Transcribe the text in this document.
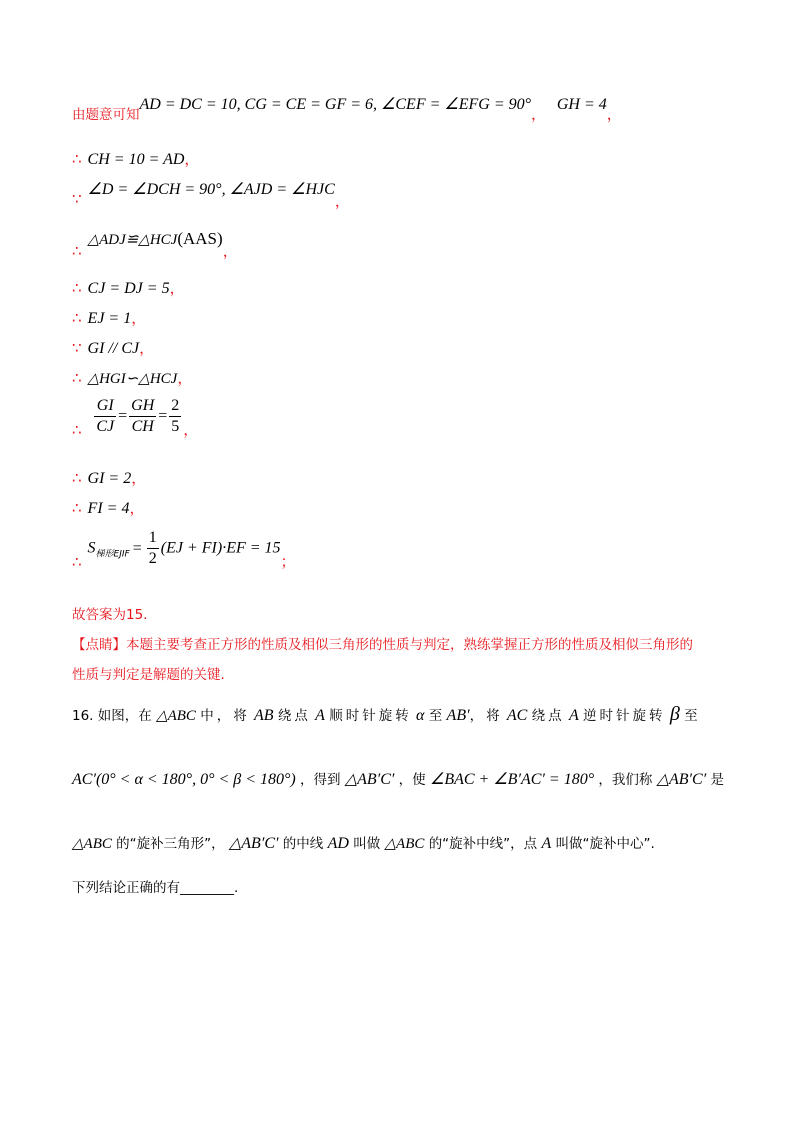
由题意可知AD = DC = 10, CG = CE = GF = 6, ∠CEF = ∠EFG = 90°， GH = 4，
∴ CH = 10 = AD，
∵∠D = ∠DCH = 90°, ∠AJD = ∠HJC，
∴△ADJ≌△HCJ(AAS)，
∴ CJ = DJ = 5，
∴ EJ = 1，
∵ GI // CJ，
∴ △HGI∽△HCJ，
∴ $\frac{GI}{CJ} = \frac{GH}{CH} = \frac{2}{5}$ ，
∴ GI = 2，
∴ FI = 4，
$\therefore S_{梯形EJIF} = \frac{1}{2} (EJ + FI)\cdot EF = 15$；
故答案为15.
【点睛】本题主要考查正方形的性质及相似三角形的性质与判定，熟练掌握正方形的性质及相似三角形的
性质与判定是解题的关键.
16. 如图，在 △ABC 中，将 AB 绕点 A 顺时针旋转 α 至 AB′，将 AC 绕点 A 逆时针旋转 β 至
AC′(0° < α < 180°, 0° < β < 180°) ，得到 △AB′C′ ，使 ∠BAC + ∠B′AC′ = 180° ，我们称 △AB′C′ 是
△ABC 的“旋补三角形”， △AB′C′ 的中线 AD 叫做 △ABC 的“旋补中线”，点 A 叫做“旋补中心”.
下列结论正确的有________.
